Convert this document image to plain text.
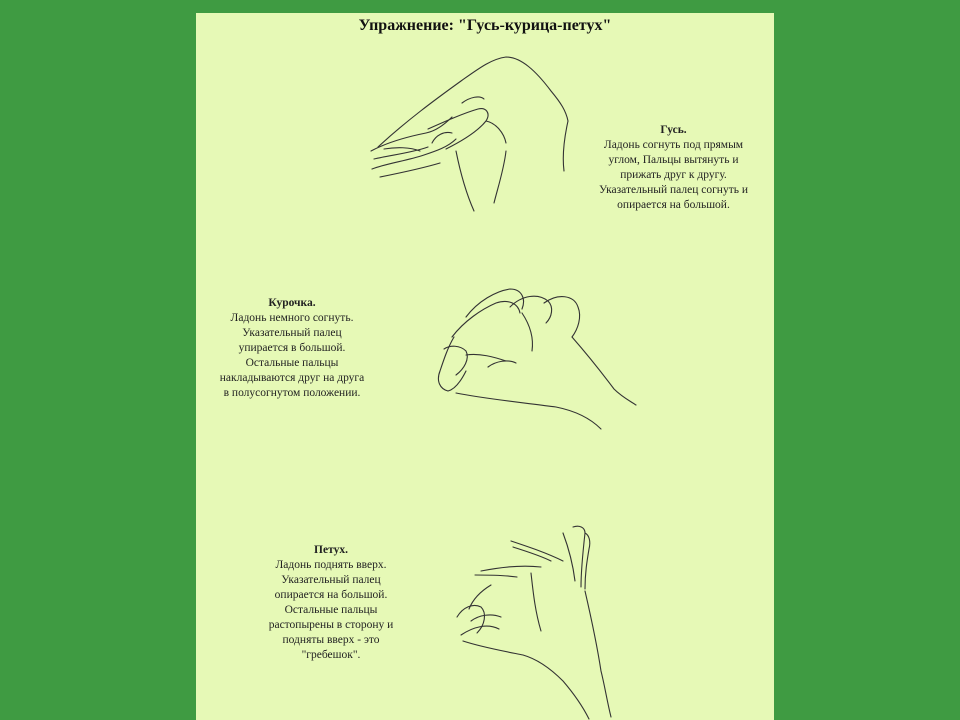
Упражнение: "Гусь-курица-петух"
Гусь.
Ладонь согнуть под прямым
углом, Пальцы вытянуть и
прижать друг к другу.
Указательный палец согнуть и
опирается на большой.
Курочка.
Ладонь немного согнуть.
Указательный палец
упирается в большой.
Остальные пальцы
накладываются друг на друга
в полусогнутом положении.
Петух.
Ладонь поднять вверх.
Указательный палец
опирается на большой.
Остальные пальцы
растопырены в сторону и
подняты вверх - это
"гребешок".
